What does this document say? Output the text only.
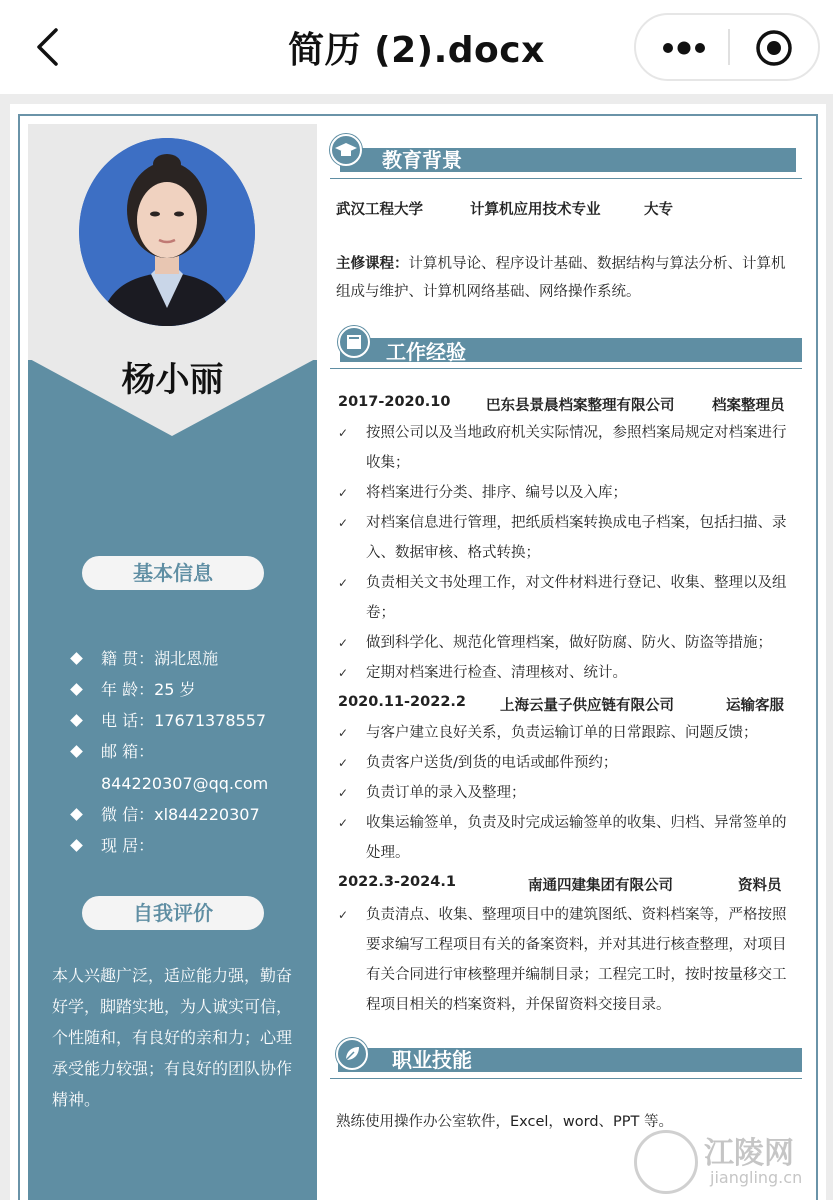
简历 (2).docx
杨小丽
基本信息
籍 贯：湖北恩施
年 龄：25 岁
电 话：17671378557
邮 箱：
844220307@qq.com
微 信：xl844220307
现 居：
自我评价
本人兴趣广泛，适应能力强，勤奋好学，脚踏实地，为人诚实可信，个性随和，有良好的亲和力；心理承受能力较强；有良好的团队协作精神。
教育背景
武汉工程大学	计算机应用技术专业	大专
主修课程：计算机导论、程序设计基础、数据结构与算法分析、计算机组成与维护、计算机网络基础、网络操作系统。
工作经验
2017-2020.10 巴东县景晨档案整理有限公司	档案整理员
✓ 按照公司以及当地政府机关实际情况，参照档案局规定对档案进行收集；
✓ 将档案进行分类、排序、编号以及入库；
✓ 对档案信息进行管理，把纸质档案转换成电子档案，包括扫描、录入、数据审核、格式转换；
✓ 负责相关文书处理工作，对文件材料进行登记、收集、整理以及组卷；
✓ 做到科学化、规范化管理档案，做好防腐、防火、防盗等措施；
✓ 定期对档案进行检查、清理核对、统计。
2020.11-2022.2 上海云量子供应链有限公司	运输客服
✓ 与客户建立良好关系，负责运输订单的日常跟踪、问题反馈；
✓ 负责客户送货/到货的电话或邮件预约；
✓ 负责订单的录入及整理；
✓ 收集运输签单，负责及时完成运输签单的收集、归档、异常签单的处理。
2022.3-2024.1	南通四建集团有限公司	资料员
✓ 负责清点、收集、整理项目中的建筑图纸、资料档案等，严格按照要求编写工程项目有关的备案资料，并对其进行核查整理，对项目有关合同进行审核整理并编制目录；工程完工时，按时按量移交工程项目相关的档案资料，并保留资料交接目录。
职业技能
熟练使用操作办公室软件，Excel，word、PPT 等。
江陵网
jiangling.cn
